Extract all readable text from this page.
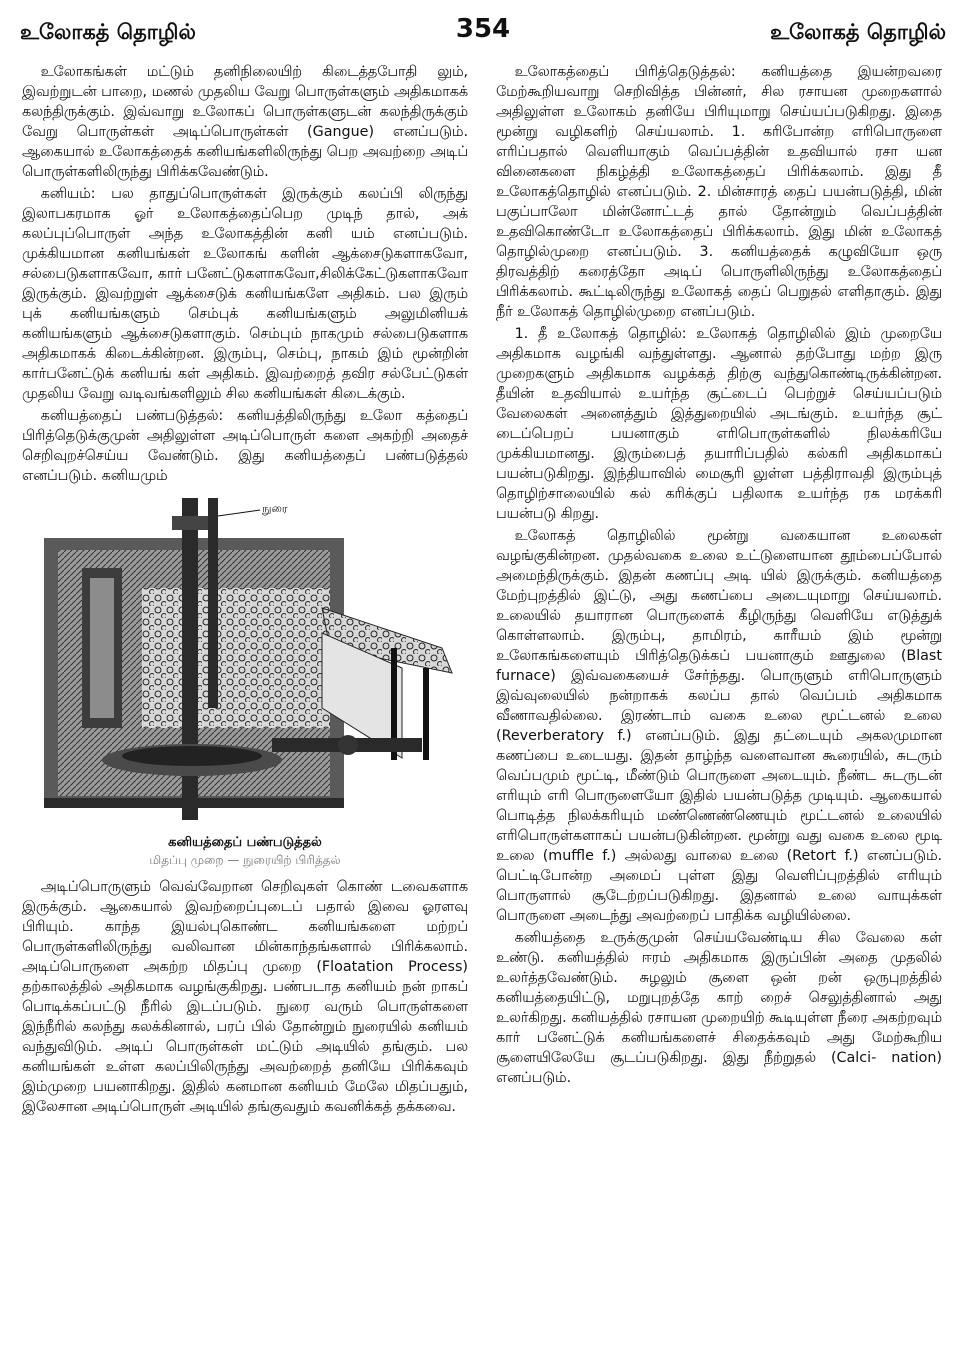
உலோகத் தொழில்	354	உலோகத் தொழில்

உலோகங்கள் மட்டும் தனிநிலையிற் கிடைத்தபோதி லும், இவற்றுடன் பாறை, மணல் முதலிய வேறு பொருள்களும் அதிகமாகக் கலந்திருக்கும். இவ்வாறு உலோகப் பொருள்களுடன் கலந்திருக்கும் வேறு பொருள்கள் அடிப்பொருள்கள் (Gangue) எனப்படும். ஆகையால் உலோகத்தைக் கனியங்களிலிருந்து பெற அவற்றை அடிப் பொருள்களிலிருந்து பிரிக்கவேண்டும்.

கனியம்: பல தாதுப்பொருள்கள் இருக்கும் கலப்பி லிருந்து இலாபகரமாக ஓர் உலோகத்தைப்பெற முடிந் தால், அக் கலப்புப்பொருள் அந்த உலோகத்தின் கனி யம் எனப்படும். முக்கியமான கனியங்கள் உலோகங் களின் ஆக்சைடுகளாகவோ, சல்பைடுகளாகவோ, கார் பனேட்டுகளாகவோ,சிலிக்கேட்டுகளாகவோ இருக்கும். இவற்றுள் ஆக்சைடுக் கனியங்களே அதிகம். பல இரும் புக் கனியங்களும் செம்புக் கனியங்களும் அலுமினியக் கனியங்களும் ஆக்சைடுகளாகும். செம்பும் நாகமும் சல்பைடுகளாக அதிகமாகக் கிடைக்கின்றன. இரும்பு, செம்பு, நாகம் இம் மூன்றின் கார்பனேட்டுக் கனியங் கள் அதிகம். இவற்றைத் தவிர சல்பேட்டுகள் முதலிய வேறு வடிவங்களிலும் சில கனியங்கள் கிடைக்கும்.

கனியத்தைப் பண்படுத்தல்: கனியத்திலிருந்து உலோ கத்தைப் பிரித்தெடுக்குமுன் அதிலுள்ள அடிப்பொருள் களை அகற்றி அதைச் செறிவுறச்செய்ய வேண்டும். இது கனியத்தைப் பண்படுத்தல் எனப்படும். கனியமும்

நுரை
கனியத்தைப் பண்படுத்தல்
மிதப்பு முறை — நுரையிற் பிரித்தல்

அடிப்பொருளும் வெவ்வேறான செறிவுகள் கொண் டவைகளாக இருக்கும். ஆகையால் இவற்றைப்புடைப் பதால் இவை ஓரளவு பிரியும். காந்த இயல்புகொண்ட கனியங்களை மற்றப் பொருள்களிலிருந்து வலிவான மின்காந்தங்களால் பிரிக்கலாம். அடிப்பொருளை அகற்ற மிதப்பு முறை (Floatation Process) தற்காலத்தில் அதிகமாக வழங்குகிறது. பண்படாத கனியம் நன் றாகப் பொடிக்கப்பட்டு நீரில் இடப்படும். நுரை வரும் பொருள்களை இந்நீரில் கலந்து கலக்கினால், பரப் பில் தோன்றும் நுரையில் கனியம் வந்துவிடும். அடிப் பொருள்கள் மட்டும் அடியில் தங்கும். பல கனியங்கள் உள்ள கலப்பிலிருந்து அவற்றைத் தனியே பிரிக்கவும் இம்முறை பயனாகிறது. இதில் கனமான கனியம் மேலே மிதப்பதும், இலேசான அடிப்பொருள் அடியில் தங்குவதும் கவனிக்கத் தக்கவை.

உலோகத்தைப் பிரித்தெடுத்தல்: கனியத்தை இயன்றவரை மேற்கூறியவாறு செறிவித்த பின்னர், சில ரசாயன முறைகளால் அதிலுள்ள உலோகம் தனியே பிரியுமாறு செய்யப்படுகிறது. இதை மூன்று வழிகளிற் செய்யலாம். 1. கரிபோன்ற எரிபொருளை எரிப்பதால் வெளியாகும் வெப்பத்தின் உதவியால் ரசா யன வினைகளை நிகழ்த்தி உலோகத்தைப் பிரிக்கலாம். இது தீ உலோகத்தொழில் எனப்படும். 2. மின்சாரத் தைப் பயன்படுத்தி, மின் பகுப்பாலோ மின்னோட்டத் தால் தோன்றும் வெப்பத்தின் உதவிகொண்டோ உலோகத்தைப் பிரிக்கலாம். இது மின் உலோகத் தொழில்முறை எனப்படும். 3. கனியத்தைக் கழுவியோ ஒரு திரவத்திற் கரைத்தோ அடிப் பொருளிலிருந்து உலோகத்தைப் பிரிக்கலாம். கூட்டிலிருந்து உலோகத் தைப் பெறுதல் எளிதாகும். இது நீர் உலோகத் தொழில்முறை எனப்படும்.

1. தீ உலோகத் தொழில்: உலோகத் தொழிலில் இம் முறையே அதிகமாக வழங்கி வந்துள்ளது. ஆனால் தற்போது மற்ற இரு முறைகளும் அதிகமாக வழக்கத் திற்கு வந்துகொண்டிருக்கின்றன. தீயின் உதவியால் உயர்ந்த சூட்டைப் பெற்றுச் செய்யப்படும் வேலைகள் அனைத்தும் இத்துறையில் அடங்கும். உயர்ந்த சூட் டைப்பெறப் பயனாகும் எரிபொருள்களில் நிலக்கரியே முக்கியமானது. இரும்பைத் தயாரிப்பதில் கல்கரி அதிகமாகப் பயன்படுகிறது. இந்தியாவில் மைசூரி லுள்ள பத்திராவதி இரும்புத் தொழிற்சாலையில் கல் கரிக்குப் பதிலாக உயர்ந்த ரக மரக்கரி பயன்படு கிறது.

உலோகத் தொழிலில் மூன்று வகையான உலைகள் வழங்குகின்றன. முதல்வகை உலை உட்டுளையான தூம்பைப்போல் அமைந்திருக்கும். இதன் கணப்பு அடி யில் இருக்கும். கனியத்தை மேற்புறத்தில் இட்டு, அது கணப்பை அடையுமாறு செய்யலாம். உலையில் தயாரான பொருளைக் கீழிருந்து வெளியே எடுத்துக் கொள்ளலாம். இரும்பு, தாமிரம், காரீயம் இம் மூன்று உலோகங்களையும் பிரித்தெடுக்கப் பயனாகும் ஊதுலை (Blast furnace) இவ்வகையைச் சேர்ந்தது. பொருளும் எரிபொருளும் இவ்வுலையில் நன்றாகக் கலப்ப தால் வெப்பம் அதிகமாக வீணாவதில்லை. இரண்டாம் வகை உலை மூட்டனல் உலை (Reverberatory f.) எனப்படும். இது தட்டையும் அகலமுமான கணப்பை உடையது. இதன் தாழ்ந்த வளைவான கூரையில், சுடரும் வெப்பமும் மூட்டி, மீண்டும் பொருளை அடையும். நீண்ட சுடருடன் எரியும் எரி பொருளையோ இதில் பயன்படுத்த முடியும். ஆகையால் பொடித்த நிலக்கரியும் மண்ணெண்ணெயும் மூட்டனல் உலையில் எரிபொருள்களாகப் பயன்படுகின்றன. மூன்று வது வகை உலை மூடி உலை (muffle f.) அல்லது வாலை உலை (Retort f.) எனப்படும். பெட்டிபோன்ற அமைப் புள்ள இது வெளிப்புறத்தில் எரியும் பொருளால் சூடேற்றப்படுகிறது. இதனால் உலை வாயுக்கள் பொருளை அடைந்து அவற்றைப் பாதிக்க வழியில்லை.

கனியத்தை உருக்குமுன் செய்யவேண்டிய சில வேலை கள் உண்டு. கனியத்தில் ஈரம் அதிகமாக இருப்பின் அதை முதலில் உலர்த்தவேண்டும். சுழலும் சூளை ஒன் றன் ஒருபுறத்தில் கனியத்தையிட்டு, மறுபுறத்தே காற் றைச் செலுத்தினால் அது உலர்கிறது. கனியத்தில் ரசாயன முறையிற் கூடியுள்ள நீரை அகற்றவும் கார் பனேட்டுக் கனியங்களைச் சிதைக்கவும் அது மேற்கூறிய சூளையிலேயே சூடப்படுகிறது. இது நீற்றுதல் (Calci- nation) எனப்படும்.
